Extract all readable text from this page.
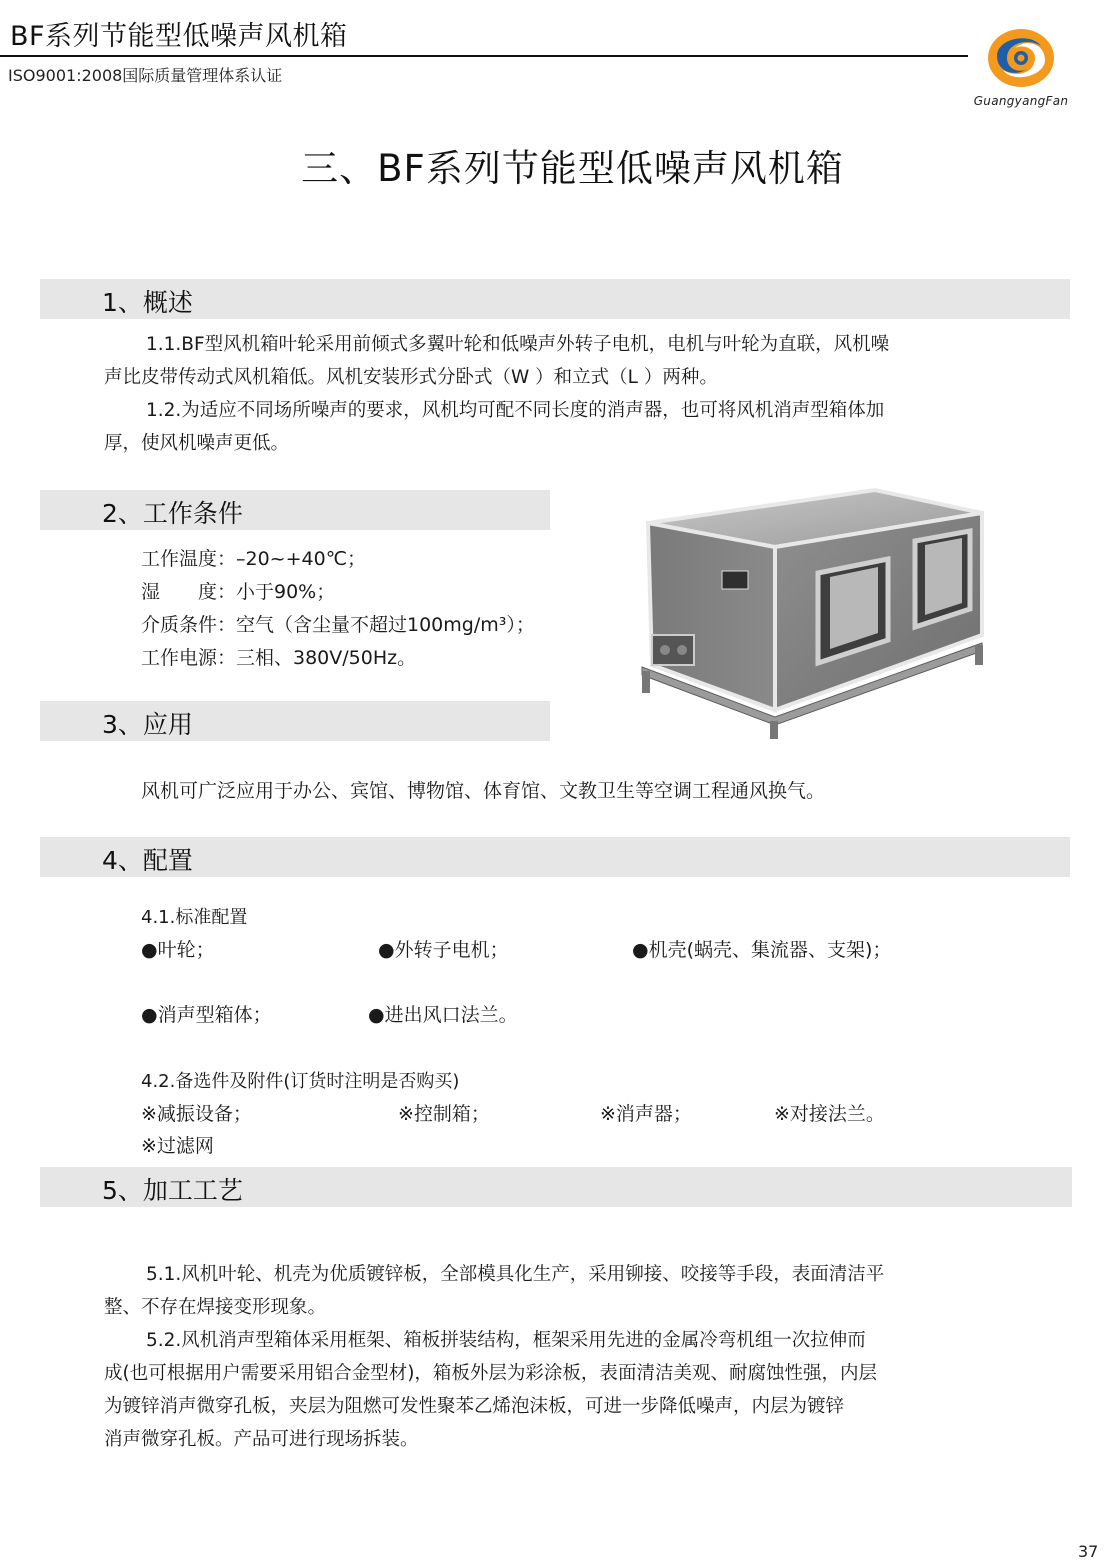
BF系列节能型低噪声风机箱
ISO9001:2008国际质量管理体系认证
GuangyangFan
三、BF系列节能型低噪声风机箱
1、概述
1.1.BF型风机箱叶轮采用前倾式多翼叶轮和低噪声外转子电机，电机与叶轮为直联，风机噪
声比皮带传动式风机箱低。风机安装形式分卧式（W ）和立式（L ）两种。
1.2.为适应不同场所噪声的要求，风机均可配不同长度的消声器，也可将风机消声型箱体加
厚，使风机噪声更低。
2、工作条件
工作温度：–20~+40℃；
湿　　度：小于90%；
介质条件：空气（含尘量不超过100mg/m³）；
工作电源：三相、380V/50Hz。
3、应用
风机可广泛应用于办公、宾馆、博物馆、体育馆、文教卫生等空调工程通风换气。
4、配置
4.1.标准配置
●叶轮；	●外转子电机；	●机壳(蜗壳、集流器、支架)；
●消声型箱体；	●进出风口法兰。
4.2.备选件及附件(订货时注明是否购买)
※减振设备；	※控制箱；	※消声器；	※对接法兰。
※过滤网
5、加工工艺
5.1.风机叶轮、机壳为优质镀锌板，全部模具化生产，采用铆接、咬接等手段，表面清洁平
整、不存在焊接变形现象。
5.2.风机消声型箱体采用框架、箱板拼装结构，框架采用先进的金属冷弯机组一次拉伸而
成(也可根据用户需要采用铝合金型材)，箱板外层为彩涂板，表面清洁美观、耐腐蚀性强，内层
为镀锌消声微穿孔板，夹层为阻燃可发性聚苯乙烯泡沫板，可进一步降低噪声，内层为镀锌
消声微穿孔板。产品可进行现场拆装。
37
